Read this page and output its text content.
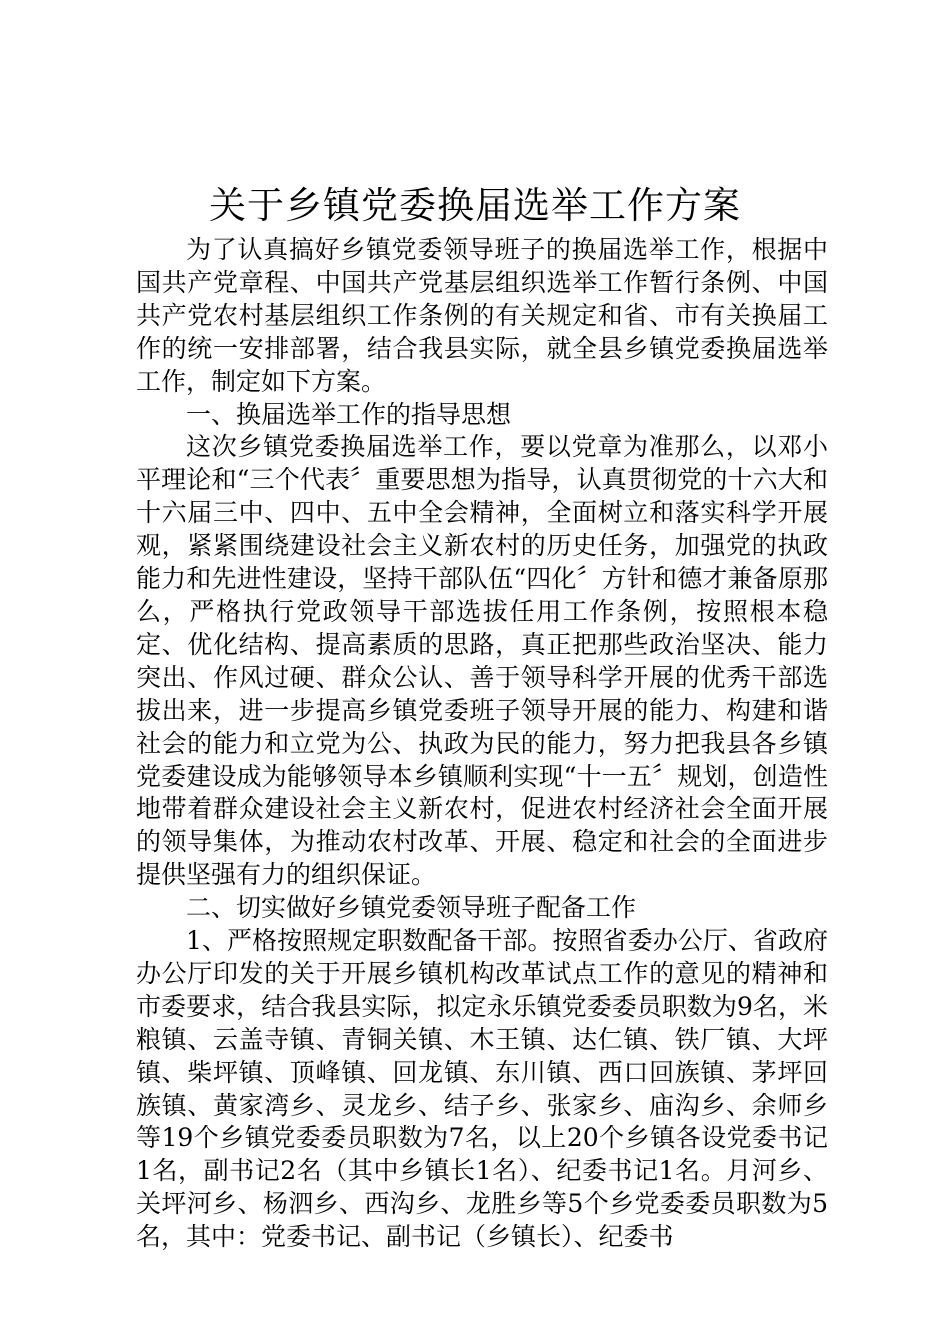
关于乡镇党委换届选举工作方案

为了认真搞好乡镇党委领导班子的换届选举工作，根据中国共产党章程、中国共产党基层组织选举工作暂行条例、中国共产党农村基层组织工作条例的有关规定和省、市有关换届工作的统一安排部署，结合我县实际，就全县乡镇党委换届选举工作，制定如下方案。

一、换届选举工作的指导思想

这次乡镇党委换届选举工作，要以党章为准那么，以邓小平理论和“三个代表〞重要思想为指导，认真贯彻党的十六大和十六届三中、四中、五中全会精神，全面树立和落实科学开展观，紧紧围绕建设社会主义新农村的历史任务，加强党的执政能力和先进性建设，坚持干部队伍“四化〞方针和德才兼备原那么，严格执行党政领导干部选拔任用工作条例，按照根本稳定、优化结构、提高素质的思路，真正把那些政治坚决、能力突出、作风过硬、群众公认、善于领导科学开展的优秀干部选拔出来，进一步提高乡镇党委班子领导开展的能力、构建和谐社会的能力和立党为公、执政为民的能力，努力把我县各乡镇党委建设成为能够领导本乡镇顺利实现“十一五〞规划，创造性地带着群众建设社会主义新农村，促进农村经济社会全面开展的领导集体，为推动农村改革、开展、稳定和社会的全面进步提供坚强有力的组织保证。

二、切实做好乡镇党委领导班子配备工作

1、严格按照规定职数配备干部。按照省委办公厅、省政府办公厅印发的关于开展乡镇机构改革试点工作的意见的精神和市委要求，结合我县实际，拟定永乐镇党委委员职数为9名，米粮镇、云盖寺镇、青铜关镇、木王镇、达仁镇、铁厂镇、大坪镇、柴坪镇、顶峰镇、回龙镇、东川镇、西口回族镇、茅坪回族镇、黄家湾乡、灵龙乡、结子乡、张家乡、庙沟乡、余师乡等19个乡镇党委委员职数为7名，以上20个乡镇各设党委书记1名，副书记2名（其中乡镇长1名）、纪委书记1名。月河乡、关坪河乡、杨泗乡、西沟乡、龙胜乡等5个乡党委委员职数为5名，其中：党委书记、副书记（乡镇长）、纪委书
